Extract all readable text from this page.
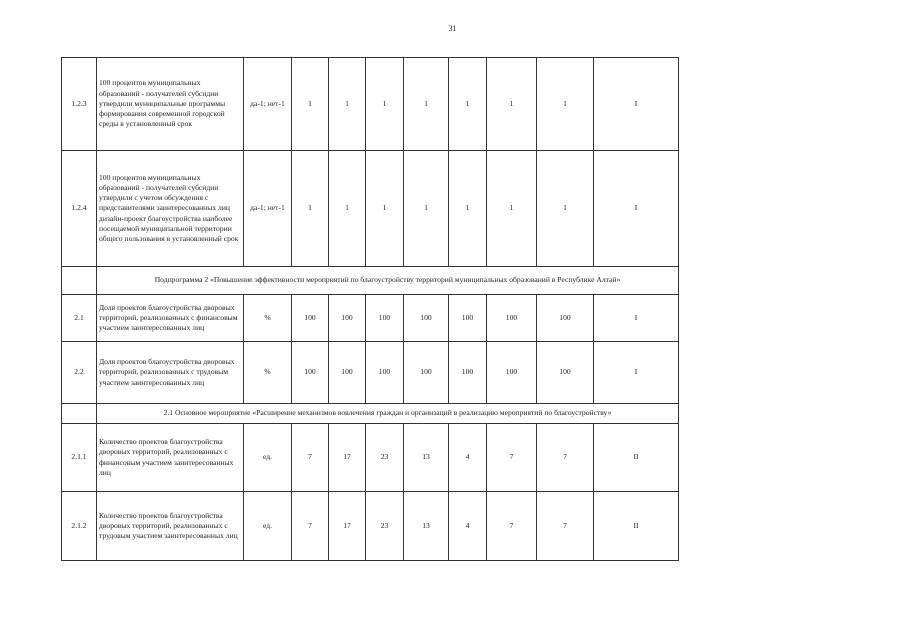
31
1.2.3	100 процентов муниципальных образований - получателей субсидии утвердили муниципальные программы формирования современной городской среды в установленный срок	да-1; нет-1	1	1	1	1	1	1	1	I
1.2.4	100 процентов муниципальных образований - получателей субсидии утвердили с учетом обсуждения с представителями заинтересованных лиц дизайн-проект благоустройства наиболее посещаемой муниципальной территории общего пользования в установленный срок	да-1; нет-1	1	1	1	1	1	1	1	I
	Подпрограмма 2 «Повышение эффективности мероприятий по благоустройству территорий муниципальных образований в Республике Алтай»									
2.1	Доля проектов благоустройства дворовых территорий, реализованных с финансовым участием заинтересованных лиц	%	100	100	100	100	100	100	100	I
2.2	Доля проектов благоустройства дворовых территорий, реализованных с трудовым участием заинтересованных лиц	%	100	100	100	100	100	100	100	I
	2.1 Основное мероприятие «Расширение механизмов вовлечения граждан и организаций в реализацию мероприятий по благоустройству»									
2.1.1	Количество проектов благоустройства дворовых территорий, реализованных с финансовым участием заинтересованных лиц	ед.	7	17	23	13	4	7	7	II
2.1.2	Количество проектов благоустройства дворовых территорий, реализованных с трудовым участием заинтересованных лиц	ед.	7	17	23	13	4	7	7	II
